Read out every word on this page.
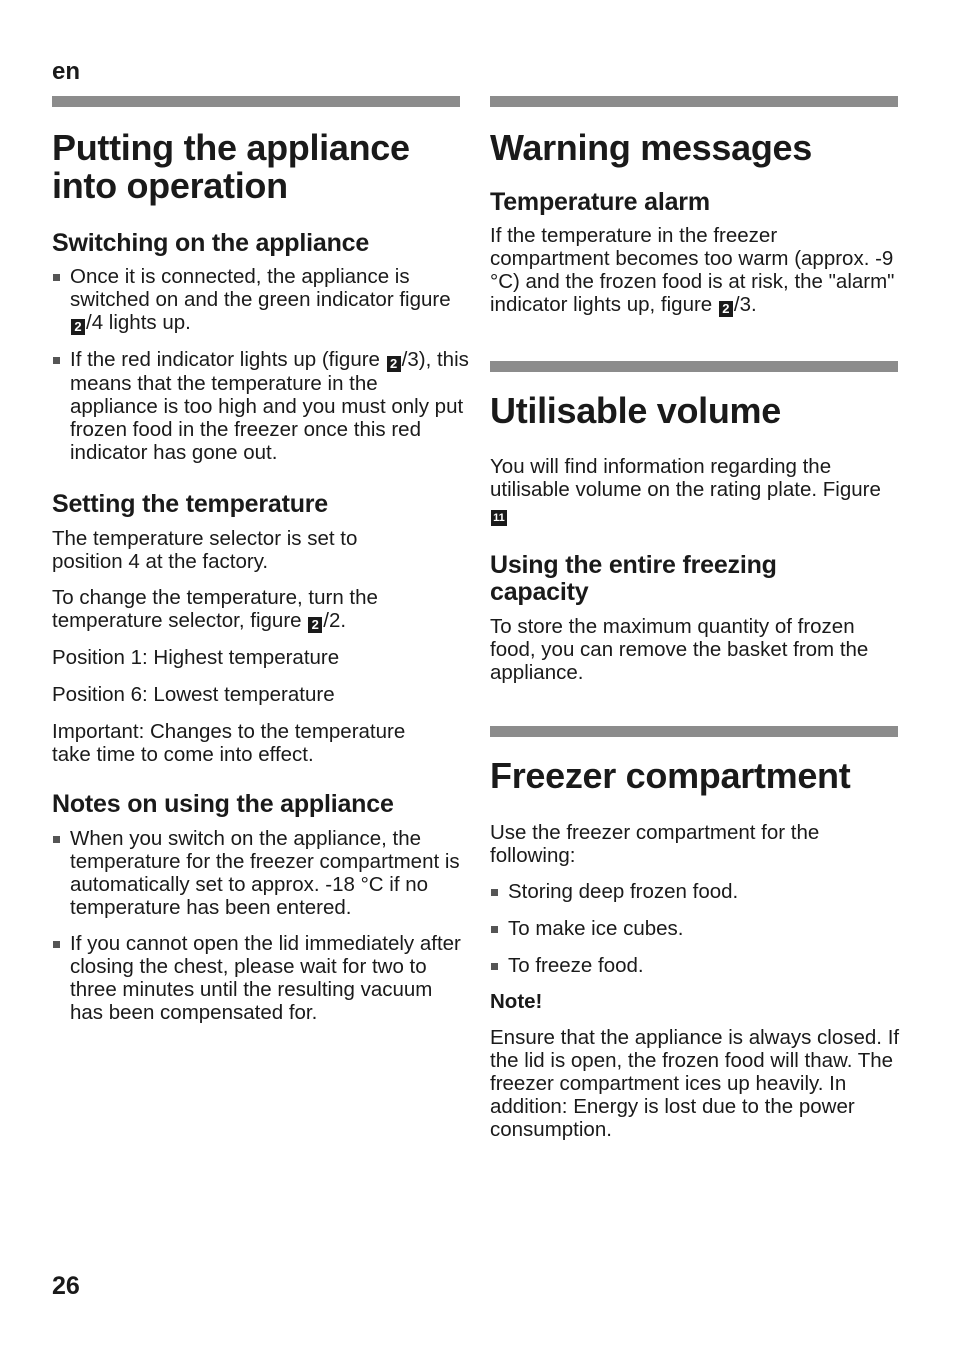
en
Putting the appliance
into operation
Switching on the appliance
Once it is connected, the appliance is switched on and the green indicator figure 2 /4 lights up.
If the red indicator lights up (figure 2 /3), this means that the temperature in the appliance is too high and you must only put frozen food in the freezer once this red indicator has gone out.
Setting the temperature

The temperature selector is set to position 4 at the factory.

To change the temperature, turn the temperature selector, figure 2 /2.

Position 1: Highest temperature

Position 6: Lowest temperature

Important: Changes to the temperature take time to come into effect.

Notes on using the appliance
When you switch on the appliance, the temperature for the freezer compartment is automatically set to approx. -18 °C if no temperature has been entered.
If you cannot open the lid immediately after closing the chest, please wait for two to three minutes until the resulting vacuum has been compensated for.
Warning messages
Temperature alarm

If the temperature in the freezer compartment becomes too warm (approx. -9 °C) and the frozen food is at risk, the "alarm" indicator lights up, figure 2 /3.

Utilisable volume

You will find information regarding the utilisable volume on the rating plate. Figure 11

Using the entire freezing capacity

To store the maximum quantity of frozen food, you can remove the basket from the appliance.

Freezer compartment

Use the freezer compartment for the following:

Storing deep frozen food.
To make ice cubes.
To freeze food.

Note!

Ensure that the appliance is always closed. If the lid is open, the frozen food will thaw. The freezer compartment ices up heavily. In addition: Energy is lost due to the power consumption.

26
